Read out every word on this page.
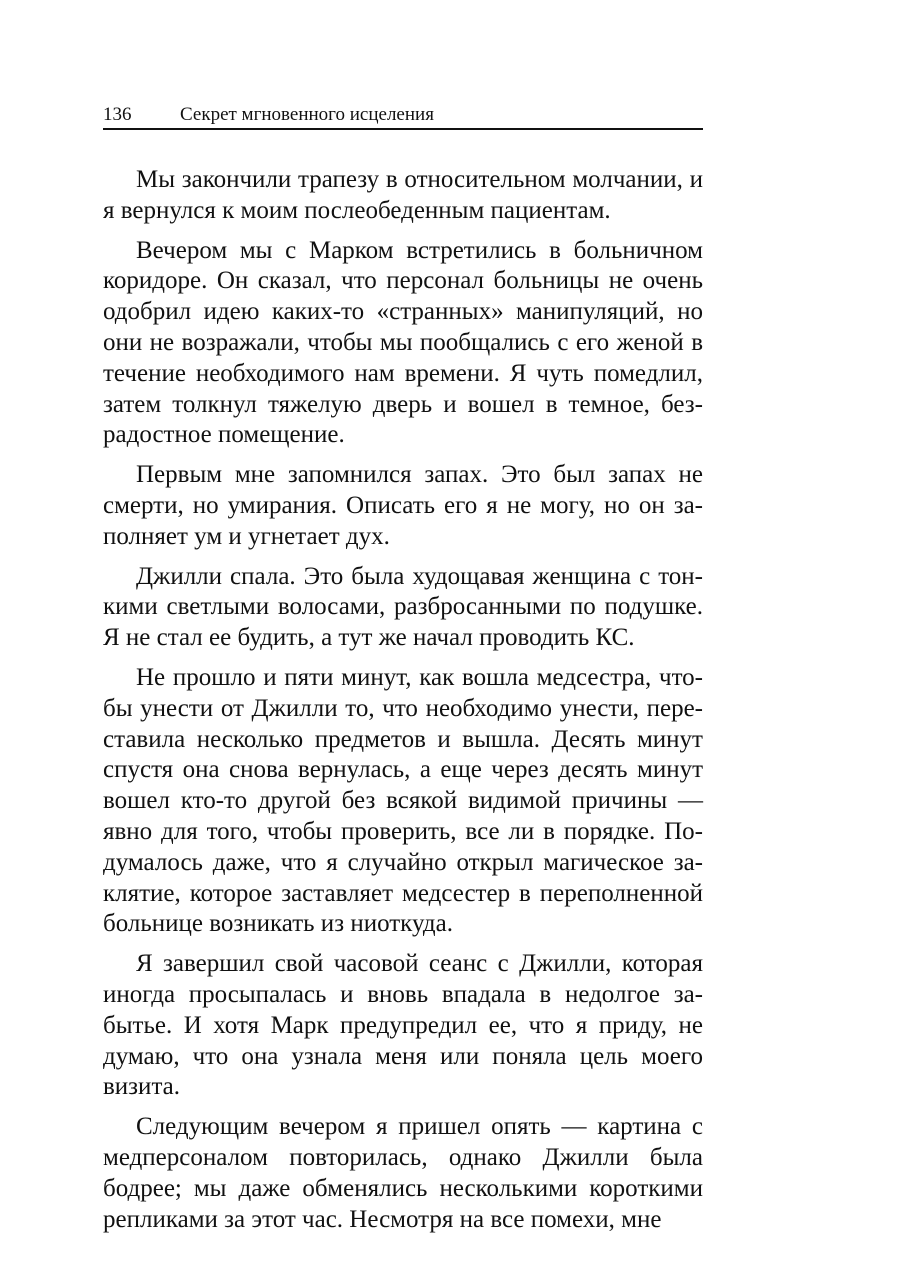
136	Секрет мгновенного исцеления

Мы закончили трапезу в относительном молчании, и я вернулся к моим послеобеденным пациентам.

Вечером мы с Марком встретились в больничном коридоре. Он сказал, что персонал больницы не очень одобрил идею каких-то «странных» манипуляций, но они не возражали, чтобы мы пообщались с его женой в течение необходимого нам времени. Я чуть помедлил, затем толкнул тяжелую дверь и вошел в темное, безрадостное помещение.

Первым мне запомнился запах. Это был запах не смерти, но умирания. Описать его я не могу, но он заполняет ум и угнетает дух.

Джилли спала. Это была худощавая женщина с тонкими светлыми волосами, разбросанными по подушке. Я не стал ее будить, а тут же начал проводить КС.

Не прошло и пяти минут, как вошла медсестра, чтобы унести от Джилли то, что необходимо унести, переставила несколько предметов и вышла. Десять минут спустя она снова вернулась, а еще через десять минут вошел кто-то другой без всякой видимой причины — явно для того, чтобы проверить, все ли в порядке. Подумалось даже, что я случайно открыл магическое заклятие, которое заставляет медсестер в переполненной больнице возникать из ниоткуда.

Я завершил свой часовой сеанс с Джилли, которая иногда просыпалась и вновь впадала в недолгое забытье. И хотя Марк предупредил ее, что я приду, не думаю, что она узнала меня или поняла цель моего визита.

Следующим вечером я пришел опять — картина с медперсоналом повторилась, однако Джилли была бодрее; мы даже обменялись несколькими короткими репликами за этот час. Несмотря на все помехи, мне
